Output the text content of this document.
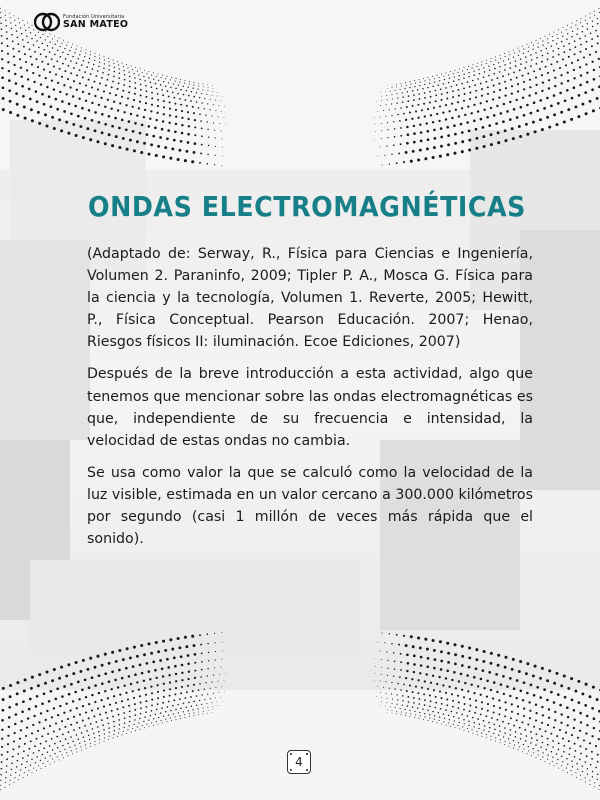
Fundación Universitaria
SAN MATEO
ONDAS ELECTROMAGNÉTICAS

(Adaptado de: Serway, R., Física para Ciencias e Ingeniería, Volumen 2. Paraninfo, 2009; Tipler P. A., Mosca G. Física para la ciencia y la tecnología, Volumen 1. Reverte, 2005; Hewitt, P., Física Conceptual. Pearson Educación. 2007; Henao, Riesgos físicos II: iluminación. Ecoe Ediciones, 2007)

Después de la breve introducción a esta actividad, algo que tenemos que mencionar sobre las ondas electromagnéticas es que, independiente de su frecuencia e intensidad, la velocidad de estas ondas no cambia.

Se usa como valor la que se calculó como la velocidad de la luz visible, estimada en un valor cercano a 300.000 kilómetros por segundo (casi 1 millón de veces más rápida que el sonido).

4
